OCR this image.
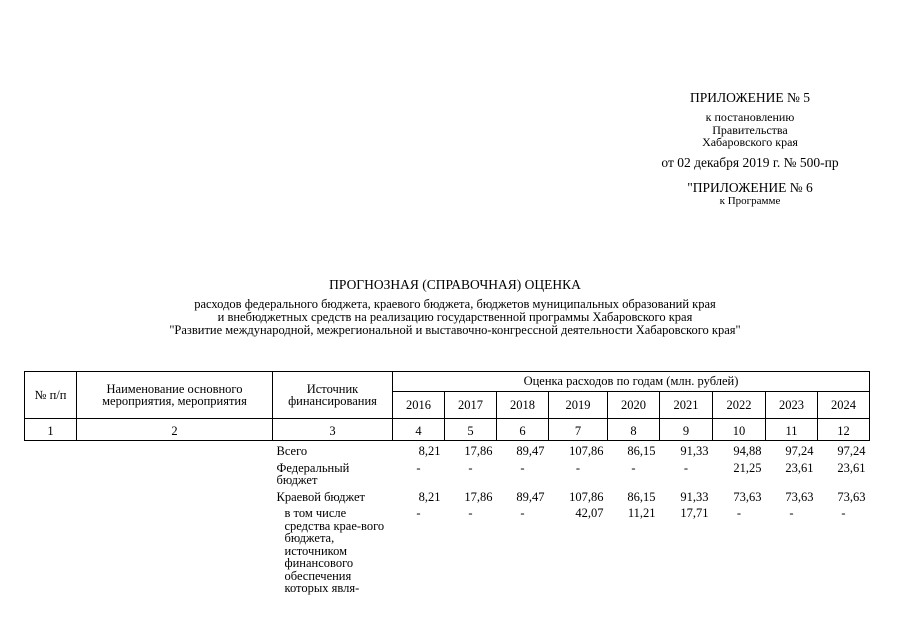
ПРИЛОЖЕНИЕ № 5
к постановлению
Правительства
Хабаровского края
от 02 декабря 2019 г. № 500-пр
"ПРИЛОЖЕНИЕ № 6
к Программе
ПРОГНОЗНАЯ (СПРАВОЧНАЯ) ОЦЕНКА
расходов федерального бюджета, краевого бюджета, бюджетов муниципальных образований края
и внебюджетных средств на реализацию государственной программы Хабаровского края
"Развитие международной, межрегиональной и выставочно-конгрессной деятельности Хабаровского края"
№ п/п	Наименование основного мероприятия, мероприятия	Источник финансирования	Оценка расходов по годам (млн. рублей)								
			2016	2017	2018	2019	2020	2021	2022	2023	2024
1	2	3	4	5	6	7	8	9	10	11	12
		Всего	8,21	17,86	89,47	107,86	86,15	91,33	94,88	97,24	97,24
		Федеральный бюджет	-	-	-	-	-	-	21,25	23,61	23,61
		Краевой бюджет	8,21	17,86	89,47	107,86	86,15	91,33	73,63	73,63	73,63
		в том числе средства крае-вого бюджета, источником финансового обеспечения которых явля-	-	-	-	42,07	11,21	17,71	-	-	-
